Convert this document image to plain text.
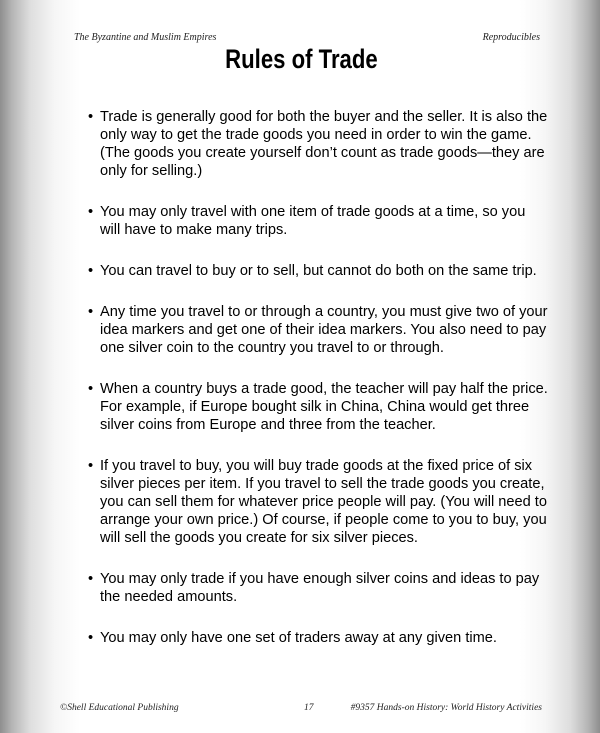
The Byzantine and Muslim Empires	Reproducibles
Rules of Trade
• Trade is generally good for both the buyer and the seller. It is also the only way to get the trade goods you need in order to win the game. (The goods you create yourself don’t count as trade goods—they are only for selling.)
• You may only travel with one item of trade goods at a time, so you will have to make many trips.
• You can travel to buy or to sell, but cannot do both on the same trip.
• Any time you travel to or through a country, you must give two of your idea markers and get one of their idea markers. You also need to pay one silver coin to the country you travel to or through.
• When a country buys a trade good, the teacher will pay half the price. For example, if Europe bought silk in China, China would get three silver coins from Europe and three from the teacher.
• If you travel to buy, you will buy trade goods at the fixed price of six silver pieces per item. If you travel to sell the trade goods you create, you can sell them for whatever price people will pay. (You will need to arrange your own price.) Of course, if people come to you to buy, you will sell the goods you create for six silver pieces.
• You may only trade if you have enough silver coins and ideas to pay the needed amounts.
• You may only have one set of traders away at any given time.
©Shell Educational Publishing	17	#9357 Hands-on History: World History Activities
